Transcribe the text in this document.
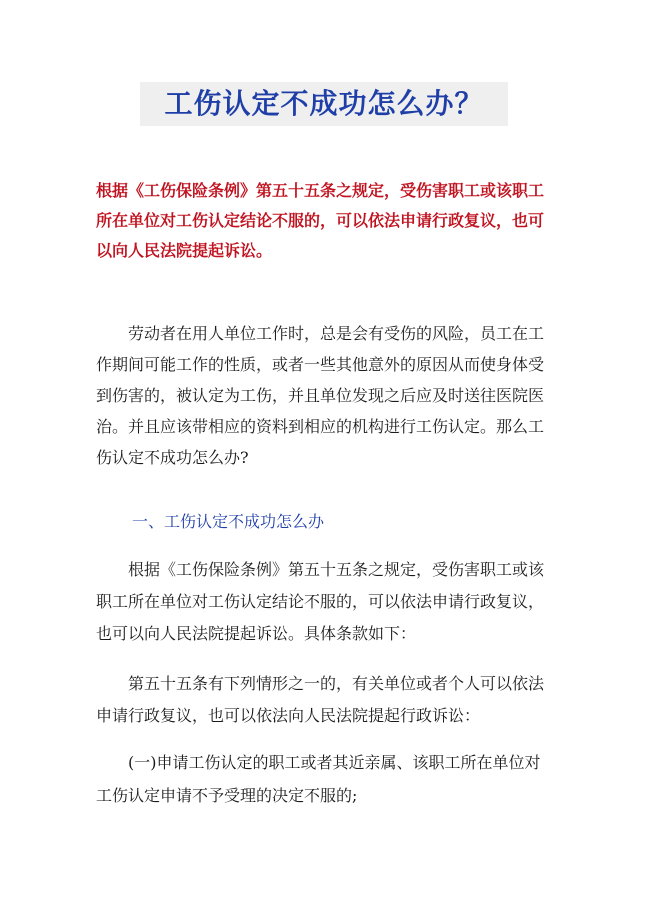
工伤认定不成功怎么办？
根据《工伤保险条例》第五十五条之规定，受伤害职工或该职工
所在单位对工伤认定结论不服的，可以依法申请行政复议，也可
以向人民法院提起诉讼。
　　劳动者在用人单位工作时，总是会有受伤的风险，员工在工
作期间可能工作的性质，或者一些其他意外的原因从而使身体受
到伤害的，被认定为工伤，并且单位发现之后应及时送往医院医
治。并且应该带相应的资料到相应的机构进行工伤认定。那么工
伤认定不成功怎么办?
一、工伤认定不成功怎么办
　　根据《工伤保险条例》第五十五条之规定，受伤害职工或该
职工所在单位对工伤认定结论不服的，可以依法申请行政复议，
也可以向人民法院提起诉讼。具体条款如下：
　　第五十五条有下列情形之一的，有关单位或者个人可以依法
申请行政复议，也可以依法向人民法院提起行政诉讼：
　　(一)申请工伤认定的职工或者其近亲属、该职工所在单位对
工伤认定申请不予受理的决定不服的;
